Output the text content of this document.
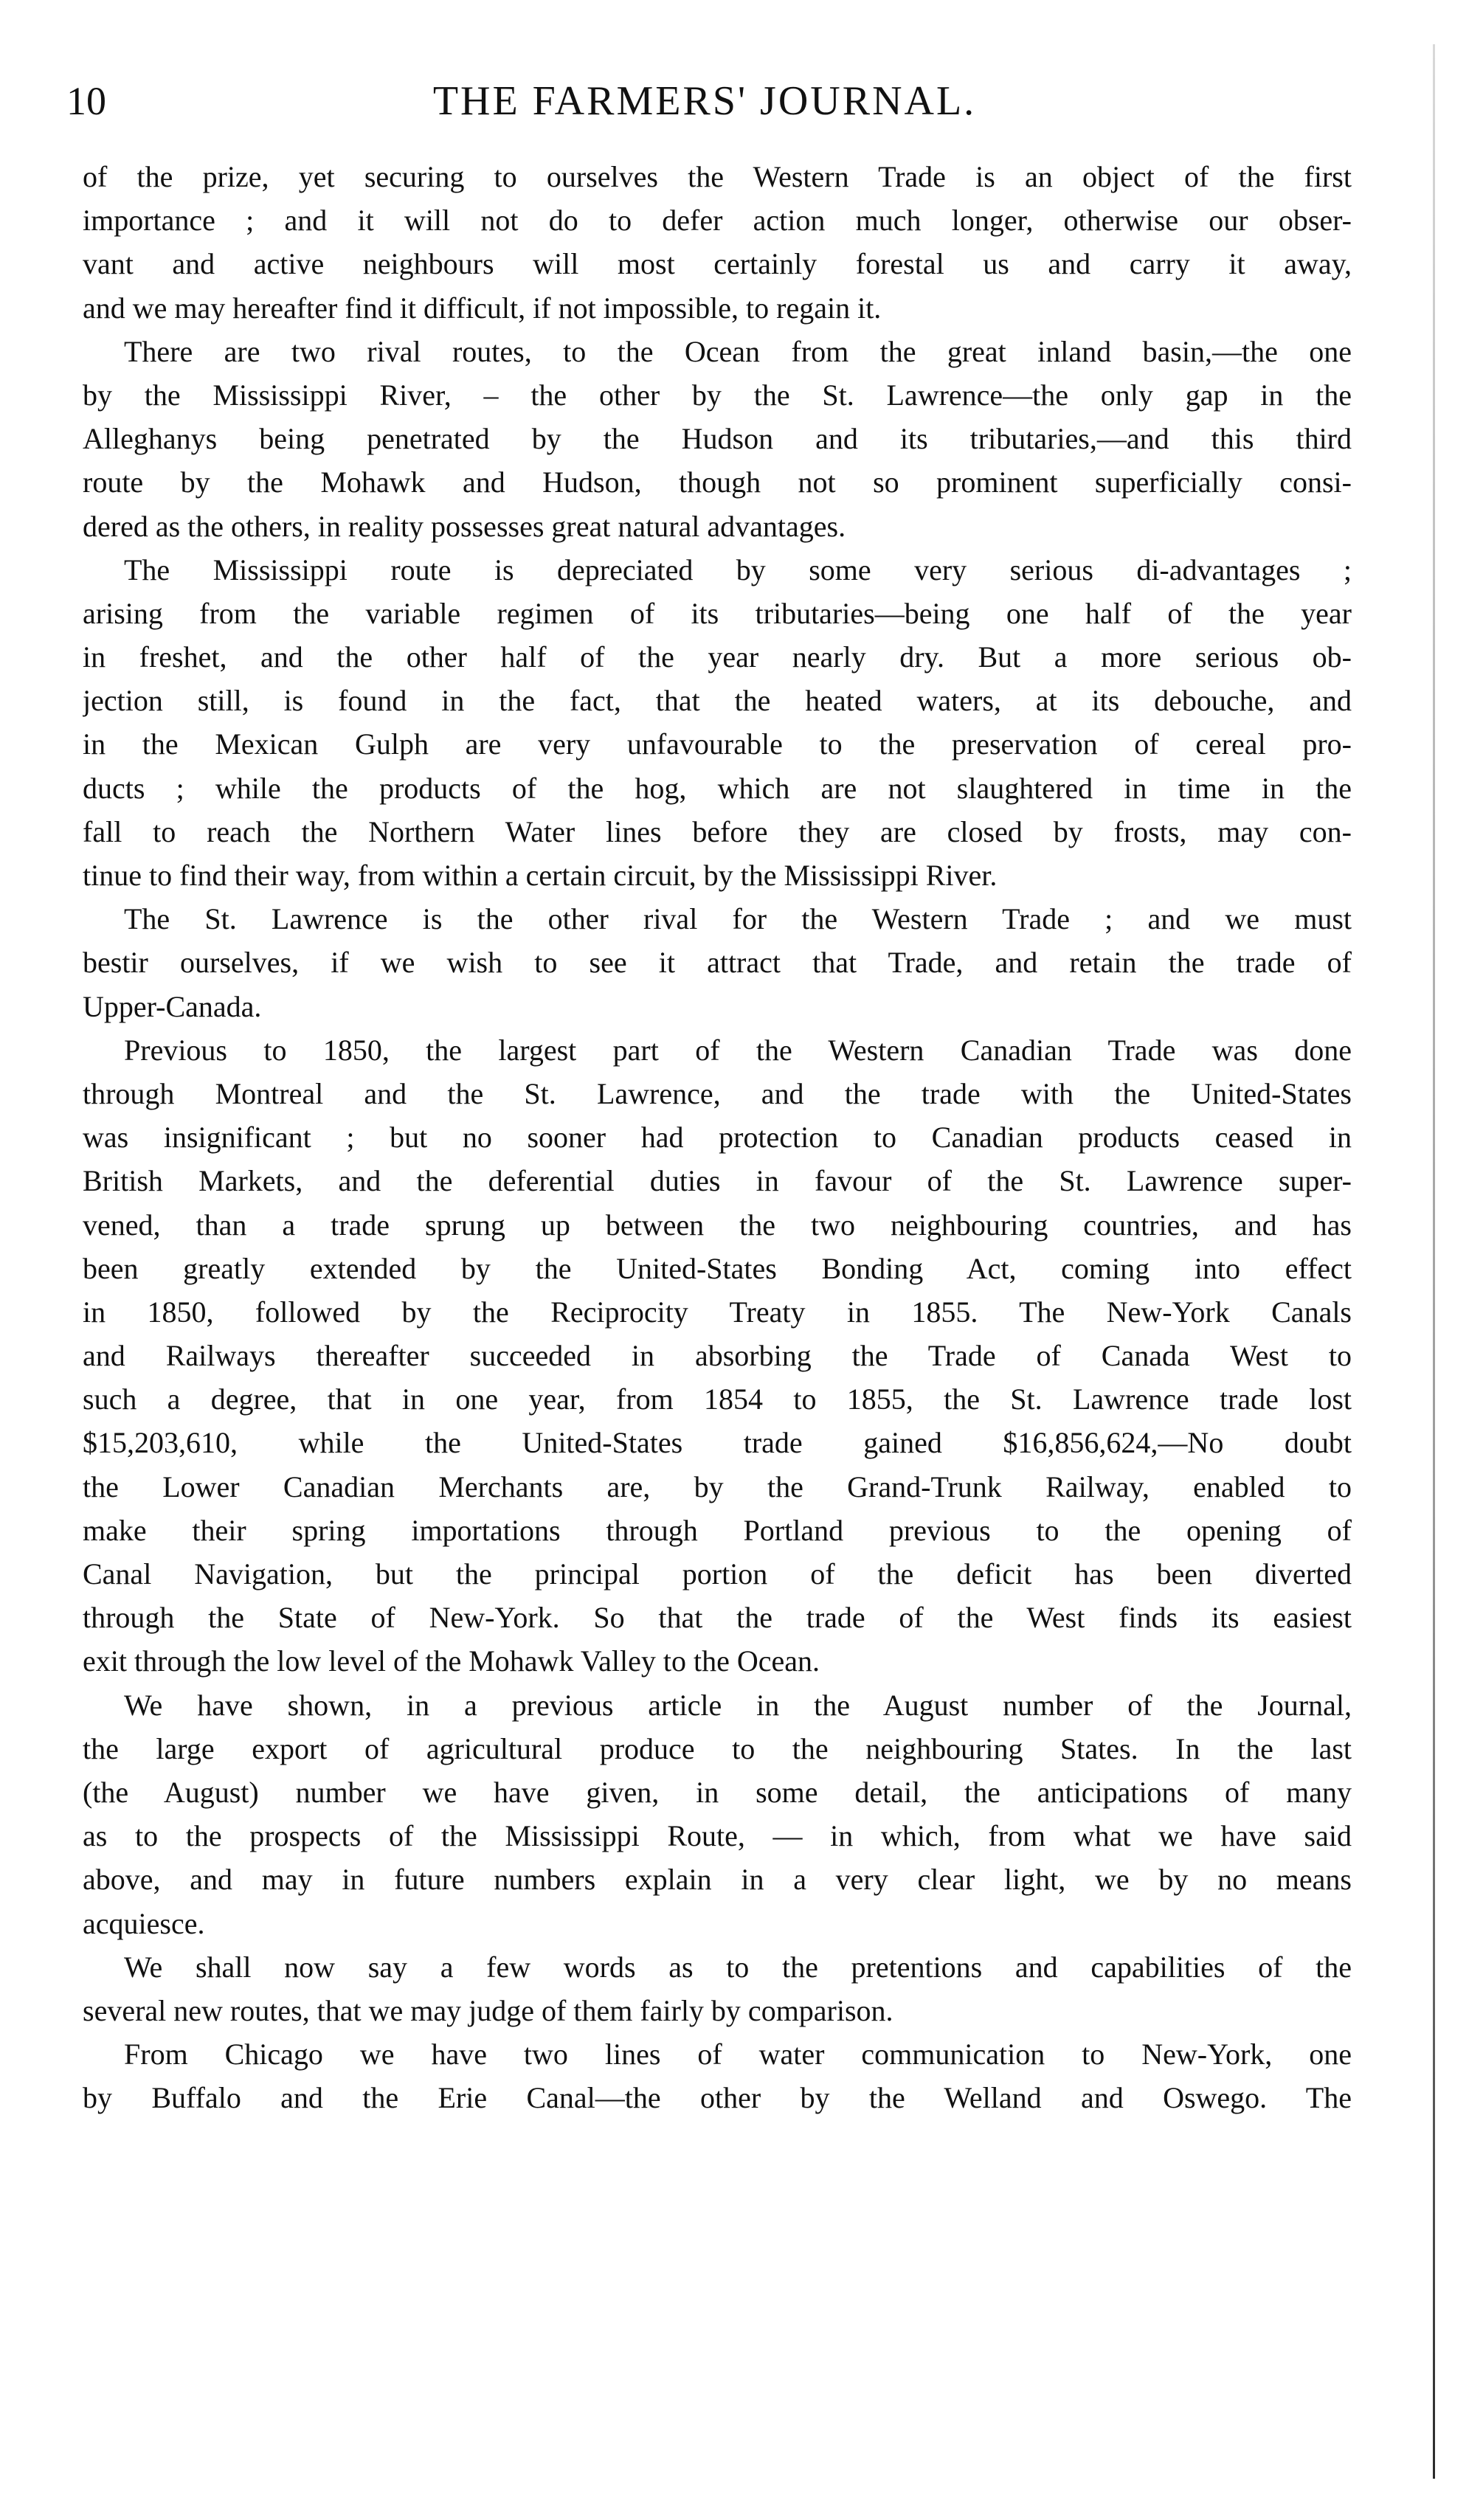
10	THE FARMERS' JOURNAL.
of the prize, yet securing to ourselves the Western Trade is an object of the first
importance ; and it will not do to defer action much longer, otherwise our obser-
vant and active neighbours will most certainly forestal us and carry it away,
and we may hereafter find it difficult, if not impossible, to regain it.
There are two rival routes, to the Ocean from the great inland basin,—the one
by the Mississippi River, – the other by the St. Lawrence—the only gap in the
Alleghanys being penetrated by the Hudson and its tributaries,—and this third
route by the Mohawk and Hudson, though not so prominent superficially consi-
dered as the others, in reality possesses great natural advantages.
The Mississippi route is depreciated by some very serious di-advantages ;
arising from the variable regimen of its tributaries—being one half of the year
in freshet, and the other half of the year nearly dry. But a more serious ob-
jection still, is found in the fact, that the heated waters, at its debouche, and
in the Mexican Gulph are very unfavourable to the preservation of cereal pro-
ducts ; while the products of the hog, which are not slaughtered in time in the
fall to reach the Northern Water lines before they are closed by frosts, may con-
tinue to find their way, from within a certain circuit, by the Mississippi River.
The St. Lawrence is the other rival for the Western Trade ; and we must
bestir ourselves, if we wish to see it attract that Trade, and retain the trade of
Upper-Canada.
Previous to 1850, the largest part of the Western Canadian Trade was done
through Montreal and the St. Lawrence, and the trade with the United-States
was insignificant ; but no sooner had protection to Canadian products ceased in
British Markets, and the deferential duties in favour of the St. Lawrence super-
vened, than a trade sprung up between the two neighbouring countries, and has
been greatly extended by the United-States Bonding Act, coming into effect
in 1850, followed by the Reciprocity Treaty in 1855. The New-York Canals
and Railways thereafter succeeded in absorbing the Trade of Canada West to
such a degree, that in one year, from 1854 to 1855, the St. Lawrence trade lost
$15,203,610, while the United-States trade gained $16,856,624,—No doubt
the Lower Canadian Merchants are, by the Grand-Trunk Railway, enabled to
make their spring importations through Portland previous to the opening of
Canal Navigation, but the principal portion of the deficit has been diverted
through the State of New-York. So that the trade of the West finds its easiest
exit through the low level of the Mohawk Valley to the Ocean.
We have shown, in a previous article in the August number of the Journal,
the large export of agricultural produce to the neighbouring States. In the last
(the August) number we have given, in some detail, the anticipations of many
as to the prospects of the Mississippi Route, — in which, from what we have said
above, and may in future numbers explain in a very clear light, we by no means
acquiesce.
We shall now say a few words as to the pretentions and capabilities of the
several new routes, that we may judge of them fairly by comparison.
From Chicago we have two lines of water communication to New-York, one
by Buffalo and the Erie Canal—the other by the Welland and Oswego. The
